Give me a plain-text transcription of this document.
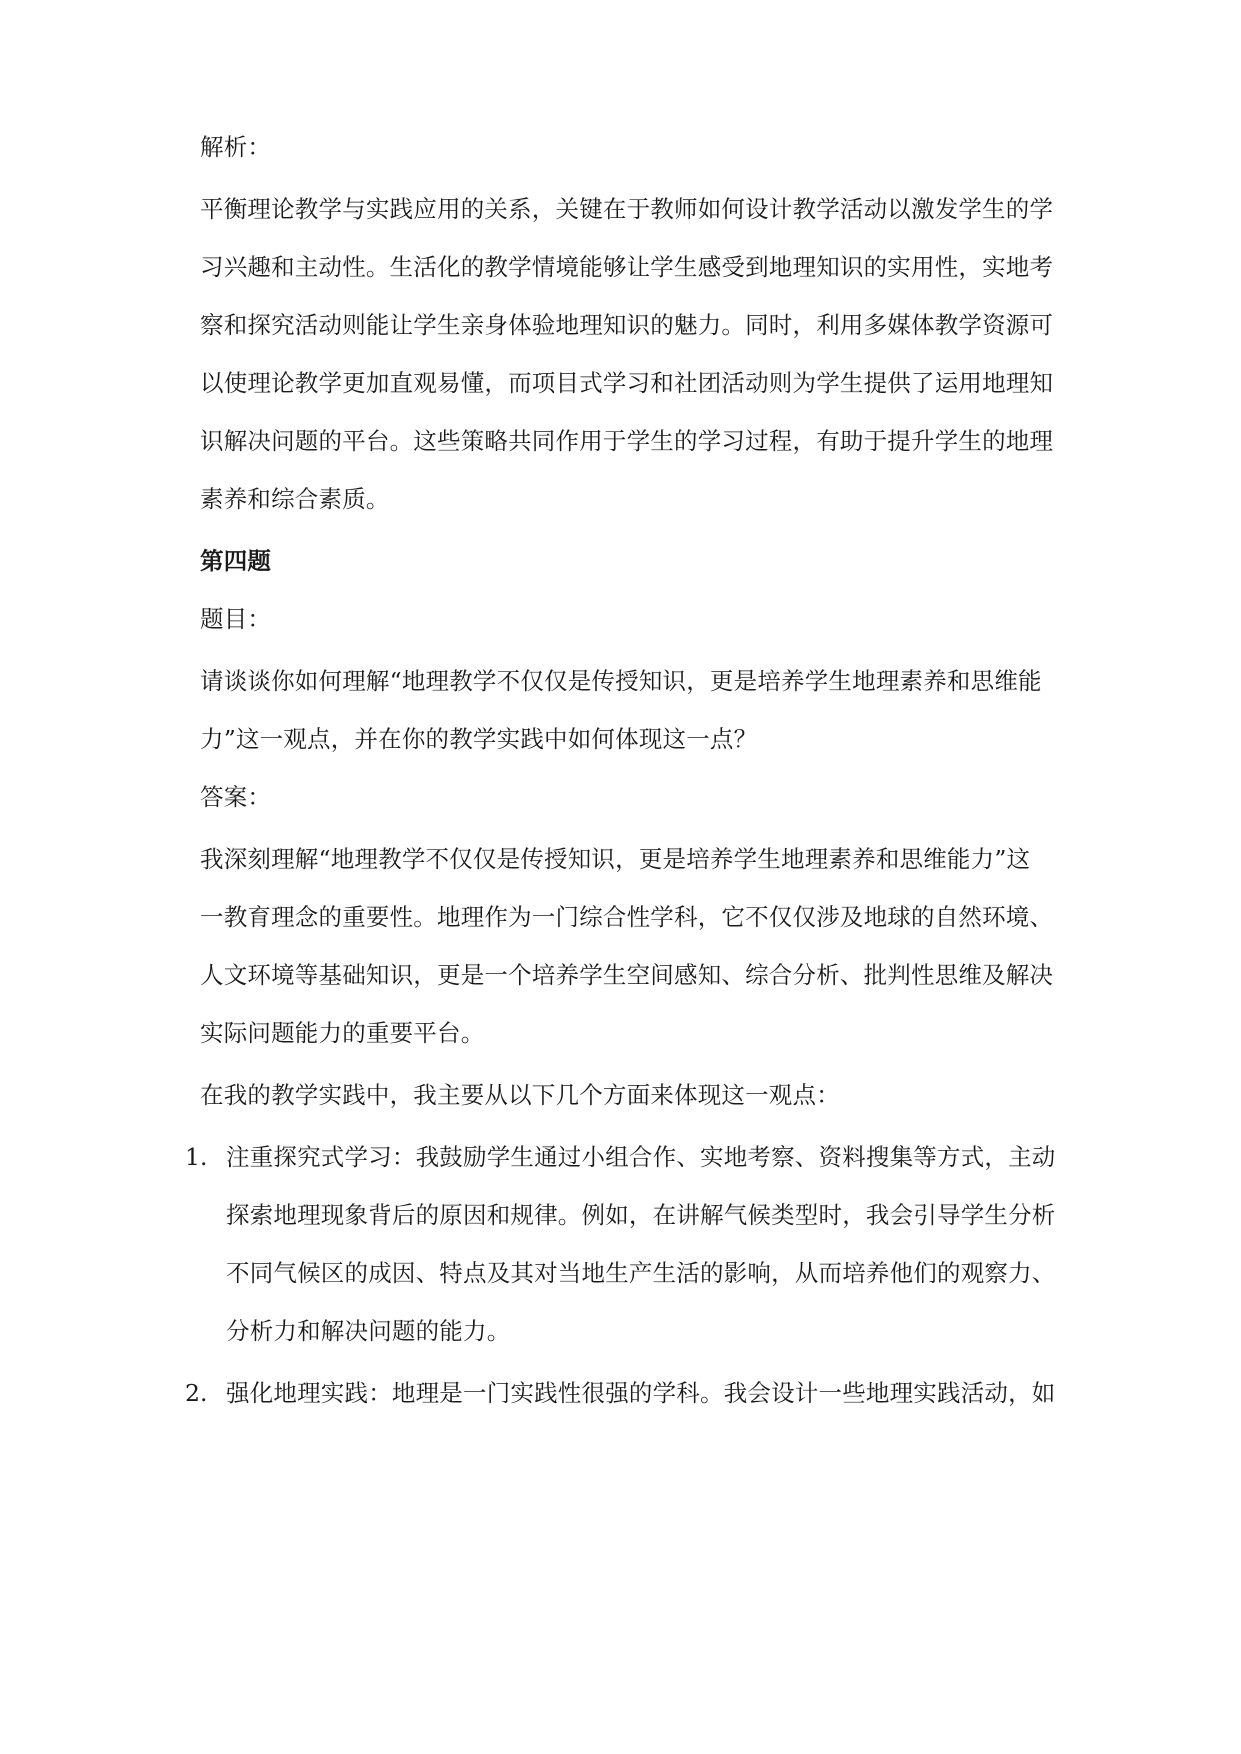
解析：
平衡理论教学与实践应用的关系，关键在于教师如何设计教学活动以激发学生的学
习兴趣和主动性。生活化的教学情境能够让学生感受到地理知识的实用性，实地考
察和探究活动则能让学生亲身体验地理知识的魅力。同时，利用多媒体教学资源可
以使理论教学更加直观易懂，而项目式学习和社团活动则为学生提供了运用地理知
识解决问题的平台。这些策略共同作用于学生的学习过程，有助于提升学生的地理
素养和综合素质。
第四题
题目：
请谈谈你如何理解“地理教学不仅仅是传授知识，更是培养学生地理素养和思维能
力”这一观点，并在你的教学实践中如何体现这一点？
答案：
我深刻理解“地理教学不仅仅是传授知识，更是培养学生地理素养和思维能力”这
一教育理念的重要性。地理作为一门综合性学科，它不仅仅涉及地球的自然环境、
人文环境等基础知识，更是一个培养学生空间感知、综合分析、批判性思维及解决
实际问题能力的重要平台。
在我的教学实践中，我主要从以下几个方面来体现这一观点：
1. 注重探究式学习：我鼓励学生通过小组合作、实地考察、资料搜集等方式，主动
探索地理现象背后的原因和规律。例如，在讲解气候类型时，我会引导学生分析
不同气候区的成因、特点及其对当地生产生活的影响，从而培养他们的观察力、
分析力和解决问题的能力。
2. 强化地理实践：地理是一门实践性很强的学科。我会设计一些地理实践活动，如
